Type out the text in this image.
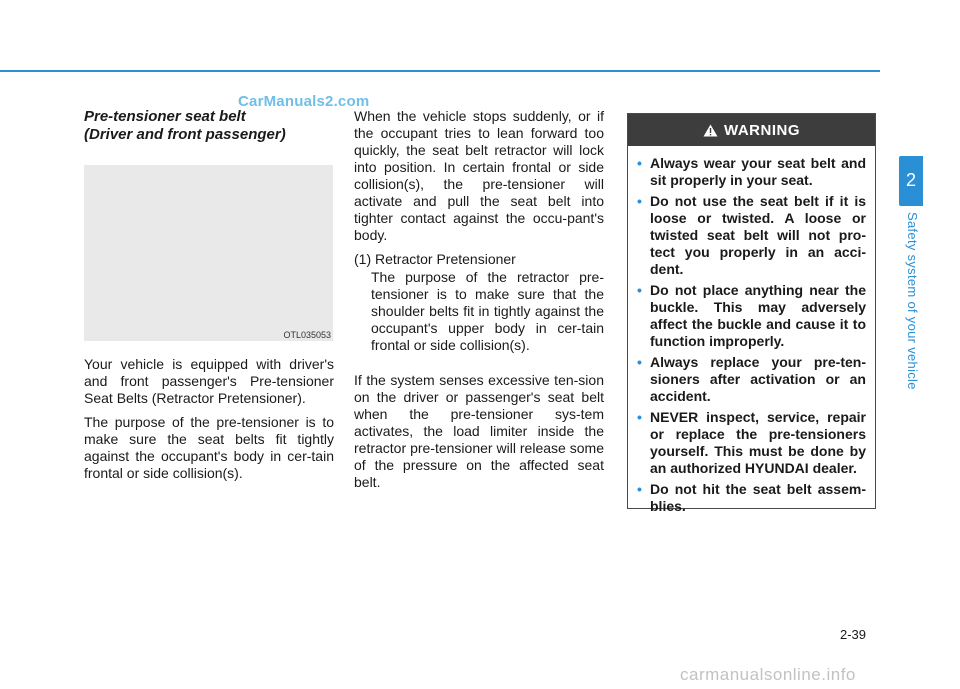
CarManuals2.com
Pre-tensioner seat belt
(Driver and front passenger)
OTL035053

Your vehicle is equipped with driver's and front passenger's Pre-tensioner Seat Belts (Retractor Pretensioner).

The purpose of the pre-tensioner is to make sure the seat belts fit tightly against the occupant's body in cer-tain frontal or side collision(s).

When the vehicle stops suddenly, or if the occupant tries to lean forward too quickly, the seat belt retractor will lock into position. In certain frontal or side collision(s), the pre-tensioner will activate and pull the seat belt into tighter contact against the occu-pant's body.

(1) Retractor Pretensioner

The purpose of the retractor pre-tensioner is to make sure that the shoulder belts fit in tightly against the occupant's upper body in cer-tain frontal or side collision(s).

If the system senses excessive ten-sion on the driver or passenger's seat belt when the pre-tensioner sys-tem activates, the load limiter inside the retractor pre-tensioner will release some of the pressure on the affected seat belt.

WARNING
• Always wear your seat belt and sit properly in your seat.
• Do not use the seat belt if it is loose or twisted. A loose or twisted seat belt will not pro-tect you properly in an acci-dent.
• Do not place anything near the buckle. This may adversely affect the buckle and cause it to function improperly.
• Always replace your pre-ten-sioners after activation or an accident.
• NEVER inspect, service, repair or replace the pre-tensioners yourself. This must be done by an authorized HYUNDAI dealer.
• Do not hit the seat belt assem-blies.
2
Safety system of your vehicle
2-39
carmanualsonline.info
